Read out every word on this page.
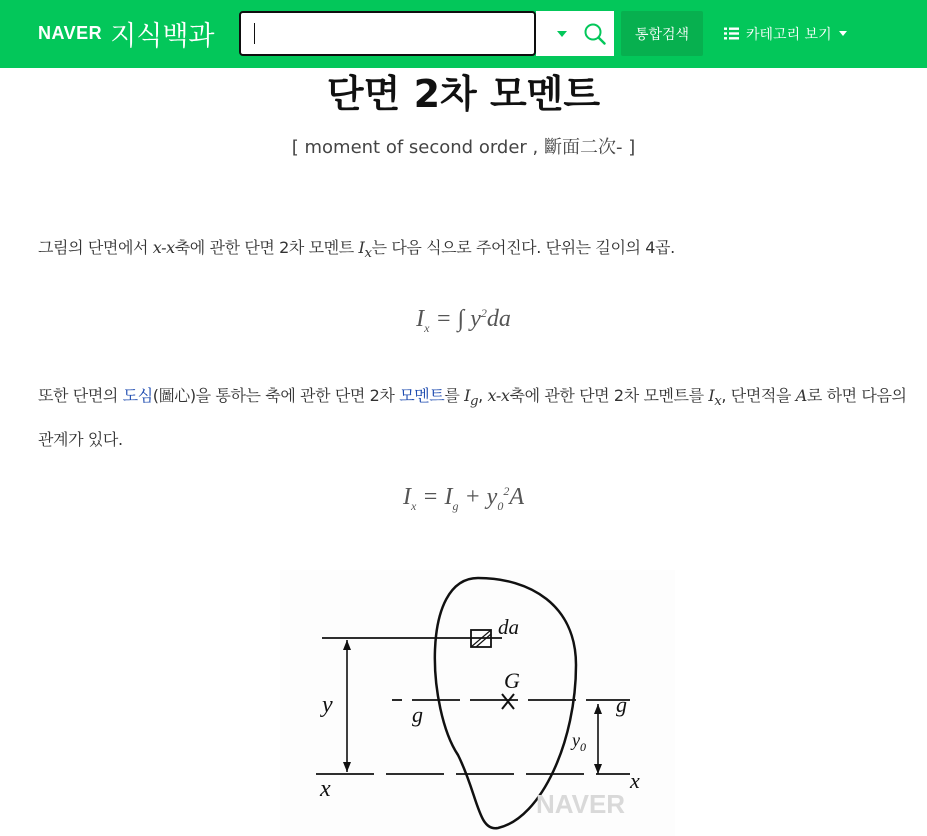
NAVER 지식백과	통합검색	카테고리 보기
단면 2차 모멘트
[ moment of second order , 斷面二次- ]

그림의 단면에서 x-x축에 관한 단면 2차 모멘트 $I_x$는 다음 식으로 주어진다. 단위는 길이의 4곱.

$I_x$ = ∫ $y^2da$

또한 단면의 도심(圖心)을 통하는 축에 관한 단면 2차 모멘트를 $I_g$, x-x축에 관한 단면 2차 모멘트를 $I_x$, 단면적을 A로 하면 다음의 관계가 있다.

$I_x = I_g + y_0^2A$
da
y	g	g
G
$y_0$
x	x
NAVER
